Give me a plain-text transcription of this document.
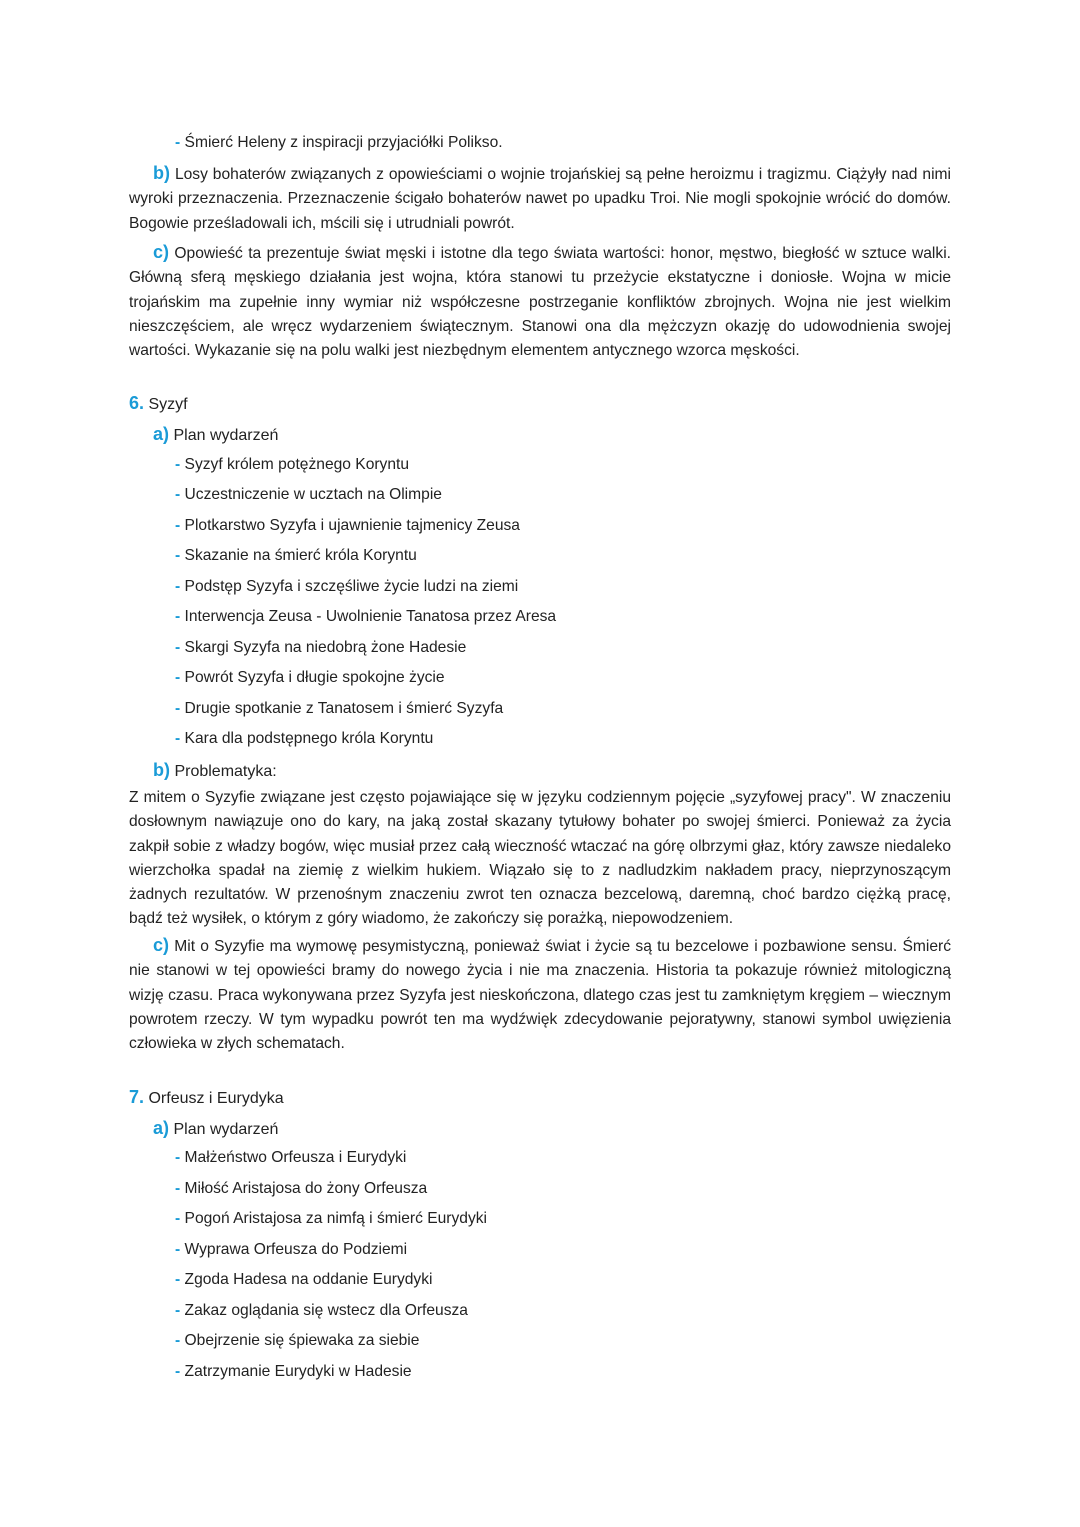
- Śmierć Heleny z inspiracji przyjaciółki Polikso.
b) Losy bohaterów związanych z opowieściami o wojnie trojańskiej są pełne heroizmu i tragizmu. Ciążyły nad nimi wyroki przeznaczenia. Przeznaczenie ścigało bohaterów nawet po upadku Troi. Nie mogli spokojnie wrócić do domów. Bogowie prześladowali ich, mścili się i utrudniali powrót.
c) Opowieść ta prezentuje świat męski i istotne dla tego świata wartości: honor, męstwo, biegłość w sztuce walki. Główną sferą męskiego działania jest wojna, która stanowi tu przeżycie ekstatyczne i doniosłe. Wojna w micie trojańskim ma zupełnie inny wymiar niż współczesne postrzeganie konfliktów zbrojnych. Wojna nie jest wielkim nieszczęściem, ale wręcz wydarzeniem świątecznym. Stanowi ona dla mężczyzn okazję do udowodnienia swojej wartości. Wykazanie się na polu walki jest niezbędnym elementem antycznego wzorca męskości.
6. Syzyf
a) Plan wydarzeń
- Syzyf królem potężnego Koryntu
- Uczestniczenie w ucztach na Olimpie
- Plotkarstwo Syzyfa i ujawnienie tajmenicy Zeusa
- Skazanie na śmierć króla Koryntu
- Podstęp Syzyfa i szczęśliwe życie ludzi na ziemi
- Interwencja Zeusa - Uwolnienie Tanatosa przez Aresa
- Skargi Syzyfa na niedobrą żone Hadesie
- Powrót Syzyfa i długie spokojne życie
- Drugie spotkanie z Tanatosem i śmierć Syzyfa
- Kara dla podstępnego króla Koryntu
b) Problematyka:
Z mitem o Syzyfie związane jest często pojawiające się w języku codziennym pojęcie „syzyfowej pracy". W znaczeniu dosłownym nawiązuje ono do kary, na jaką został skazany tytułowy bohater po swojej śmierci. Ponieważ za życia zakpił sobie z władzy bogów, więc musiał przez całą wieczność wtaczać na górę olbrzymi głaz, który zawsze niedaleko wierzchołka spadał na ziemię z wielkim hukiem. Wiązało się to z nadludzkim nakładem pracy, nieprzynoszącym żadnych rezultatów. W przenośnym znaczeniu zwrot ten oznacza bezcelową, daremną, choć bardzo ciężką pracę, bądź też wysiłek, o którym z góry wiadomo, że zakończy się porażką, niepowodzeniem.
c) Mit o Syzyfie ma wymowę pesymistyczną, ponieważ świat i życie są tu bezcelowe i pozbawione sensu. Śmierć nie stanowi w tej opowieści bramy do nowego życia i nie ma znaczenia. Historia ta pokazuje również mitologiczną wizję czasu. Praca wykonywana przez Syzyfa jest nieskończona, dlatego czas jest tu zamkniętym kręgiem – wiecznym powrotem rzeczy. W tym wypadku powrót ten ma wydźwięk zdecydowanie pejoratywny, stanowi symbol uwięzienia człowieka w złych schematach.
7. Orfeusz i Eurydyka
a) Plan wydarzeń
- Małżeństwo Orfeusza i Eurydyki
- Miłość Aristajosa do żony Orfeusza
- Pogoń Aristajosa za nimfą i śmierć Eurydyki
- Wyprawa Orfeusza do Podziemi
- Zgoda Hadesa na oddanie Eurydyki
- Zakaz oglądania się wstecz dla Orfeusza
- Obejrzenie się śpiewaka za siebie
- Zatrzymanie Eurydyki w Hadesie
